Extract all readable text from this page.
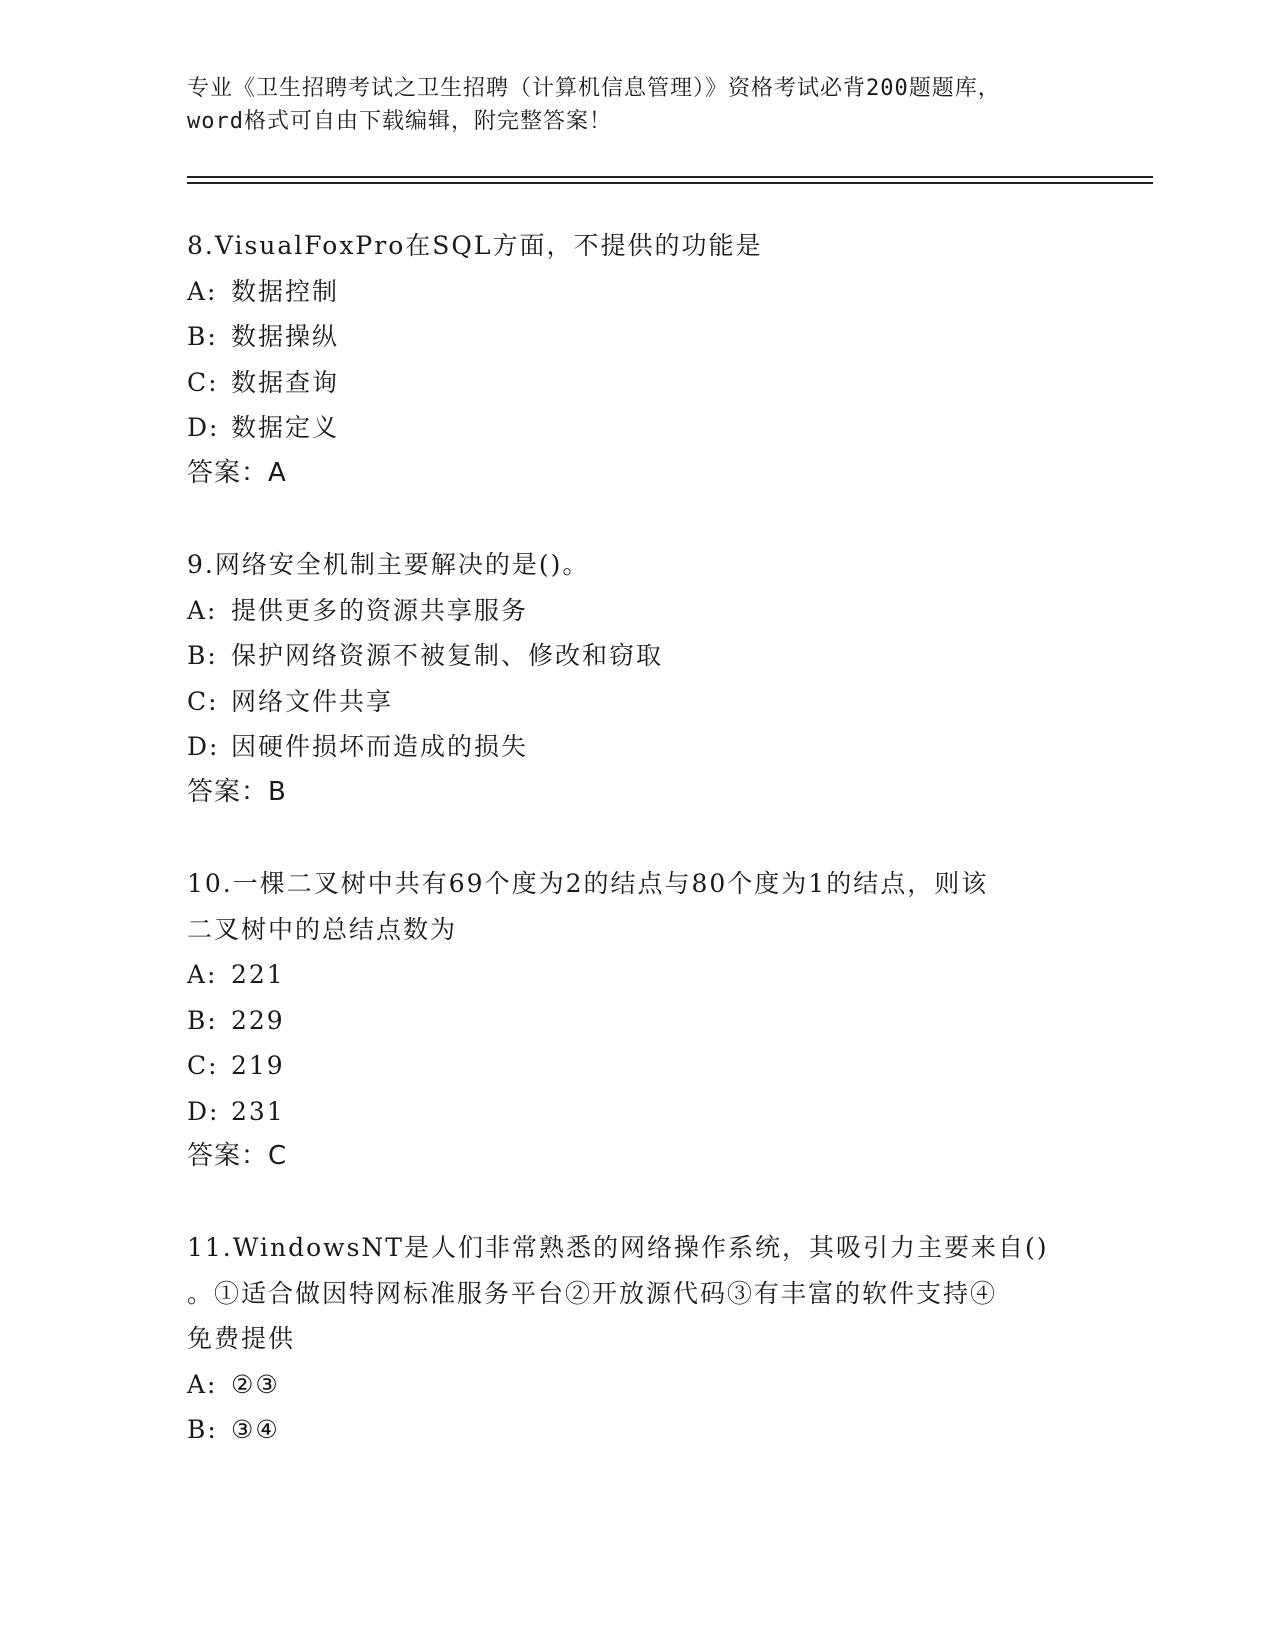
专业《卫生招聘考试之卫生招聘（计算机信息管理）》资格考试必背200题题库，
word格式可自由下载编辑，附完整答案！
8.VisualFoxPro在SQL方面，不提供的功能是
A: 数据控制
B: 数据操纵
C: 数据查询
D: 数据定义
答案：A
9.网络安全机制主要解决的是()。
A: 提供更多的资源共享服务
B: 保护网络资源不被复制、修改和窃取
C: 网络文件共享
D: 因硬件损坏而造成的损失
答案：B
10.一棵二叉树中共有69个度为2的结点与80个度为1的结点，则该
二叉树中的总结点数为
A: 221
B: 229
C: 219
D: 231
答案：C
11.WindowsNT是人们非常熟悉的网络操作系统，其吸引力主要来自()
。①适合做因特网标准服务平台②开放源代码③有丰富的软件支持④
免费提供
A: ②③
B: ③④
